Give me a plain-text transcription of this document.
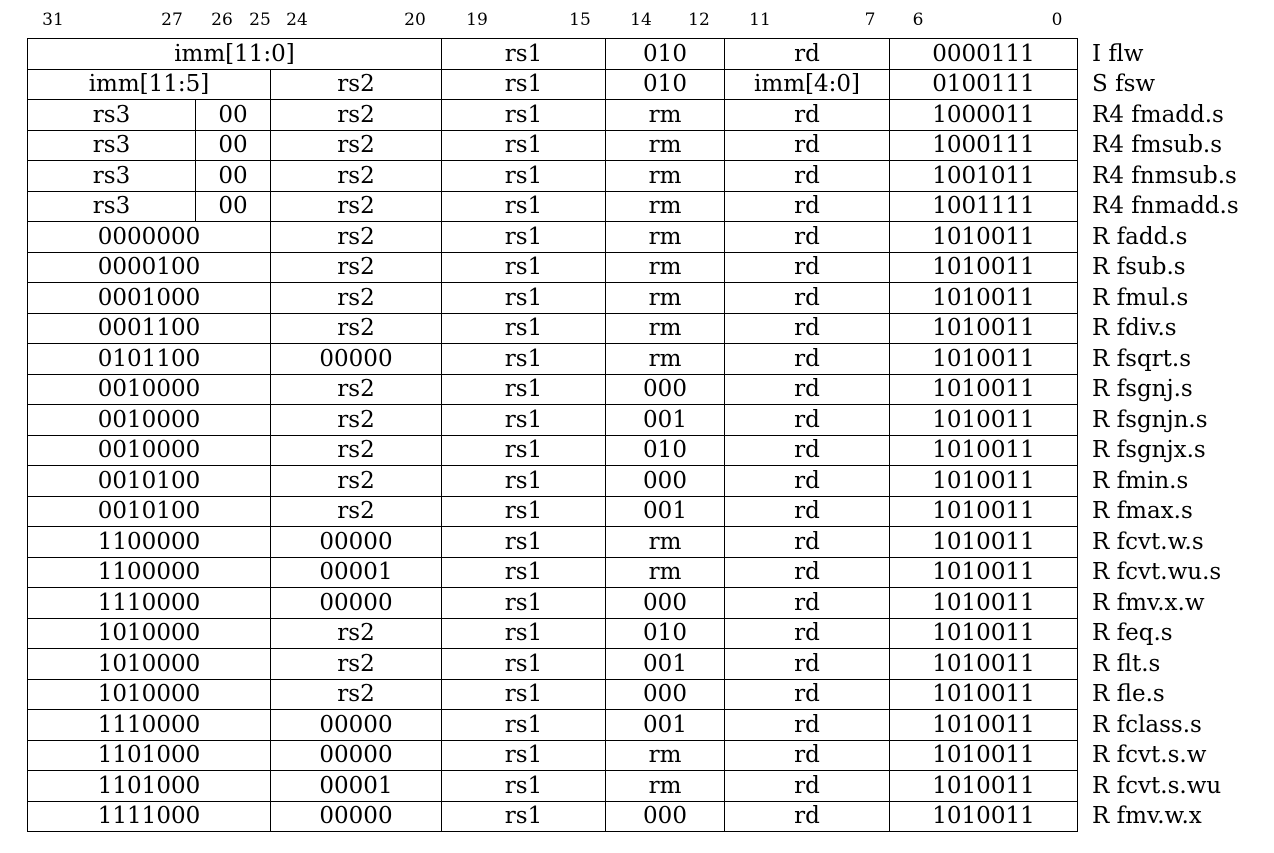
31	27 26 25 24	20 19	15 14 12 11	7 6	0
imm[11:0]			rs1	010	rd	0000111	I flw
imm[11:5]		rs2	rs1	010	imm[4:0]	0100111	S fsw
rs3	00	rs2	rs1	rm	rd	1000011	R4 fmadd.s
rs3	00	rs2	rs1	rm	rd	1000111	R4 fmsub.s
rs3	00	rs2	rs1	rm	rd	1001011	R4 fnmsub.s
rs3	00	rs2	rs1	rm	rd	1001111	R4 fnmadd.s
0000000		rs2	rs1	rm	rd	1010011	R fadd.s
0000100		rs2	rs1	rm	rd	1010011	R fsub.s
0001000		rs2	rs1	rm	rd	1010011	R fmul.s
0001100		rs2	rs1	rm	rd	1010011	R fdiv.s
0101100		00000	rs1	rm	rd	1010011	R fsqrt.s
0010000		rs2	rs1	000	rd	1010011	R fsgnj.s
0010000		rs2	rs1	001	rd	1010011	R fsgnjn.s
0010000		rs2	rs1	010	rd	1010011	R fsgnjx.s
0010100		rs2	rs1	000	rd	1010011	R fmin.s
0010100		rs2	rs1	001	rd	1010011	R fmax.s
1100000		00000	rs1	rm	rd	1010011	R fcvt.w.s
1100000		00001	rs1	rm	rd	1010011	R fcvt.wu.s
1110000		00000	rs1	000	rd	1010011	R fmv.x.w
1010000		rs2	rs1	010	rd	1010011	R feq.s
1010000		rs2	rs1	001	rd	1010011	R flt.s
1010000		rs2	rs1	000	rd	1010011	R fle.s
1110000		00000	rs1	001	rd	1010011	R fclass.s
1101000		00000	rs1	rm	rd	1010011	R fcvt.s.w
1101000		00001	rs1	rm	rd	1010011	R fcvt.s.wu
1111000		00000	rs1	000	rd	1010011	R fmv.w.x
